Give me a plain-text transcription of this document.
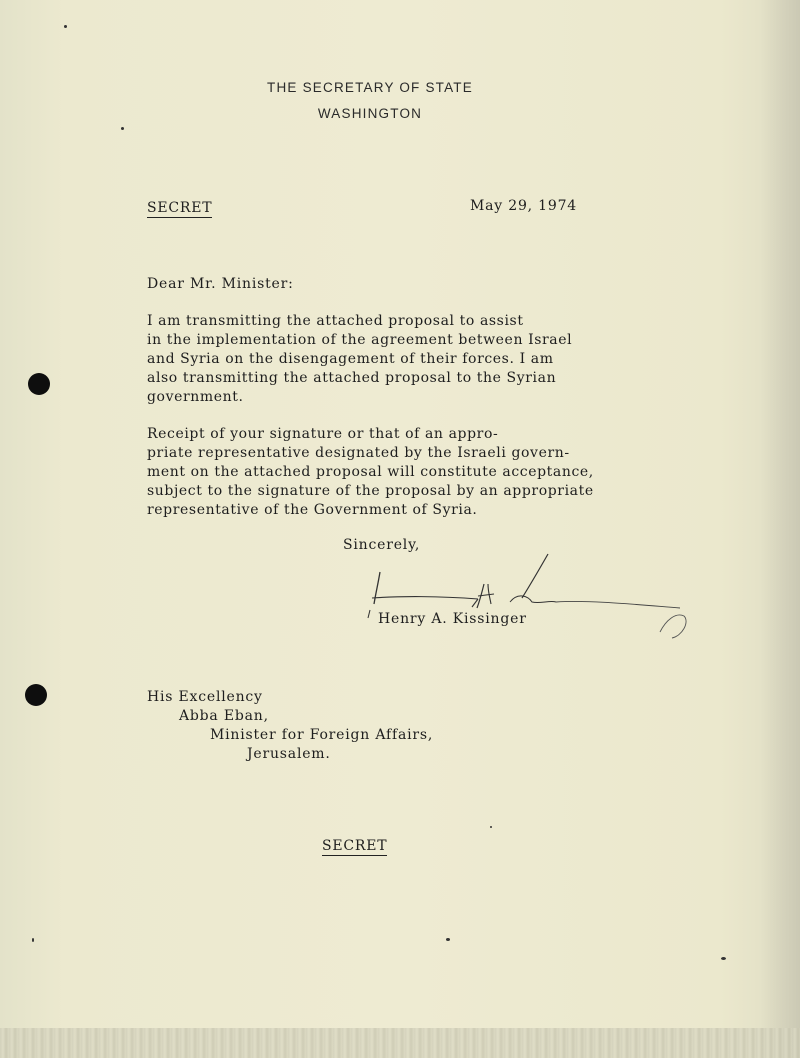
THE SECRETARY OF STATE
WASHINGTON
SECRET	May 29, 1974
Dear Mr. Minister:

I am transmitting the attached proposal to assist
in the implementation of the agreement between Israel
and Syria on the disengagement of their forces. I am
also transmitting the attached proposal to the Syrian
government.

Receipt of your signature or that of an appro-
priate representative designated by the Israeli govern-
ment on the attached proposal will constitute acceptance,
subject to the signature of the proposal by an appropriate
representative of the Government of Syria.

Sincerely,
Henry A. Kissinger
His Excellency
Abba Eban,
Minister for Foreign Affairs,
Jerusalem.
SECRET
